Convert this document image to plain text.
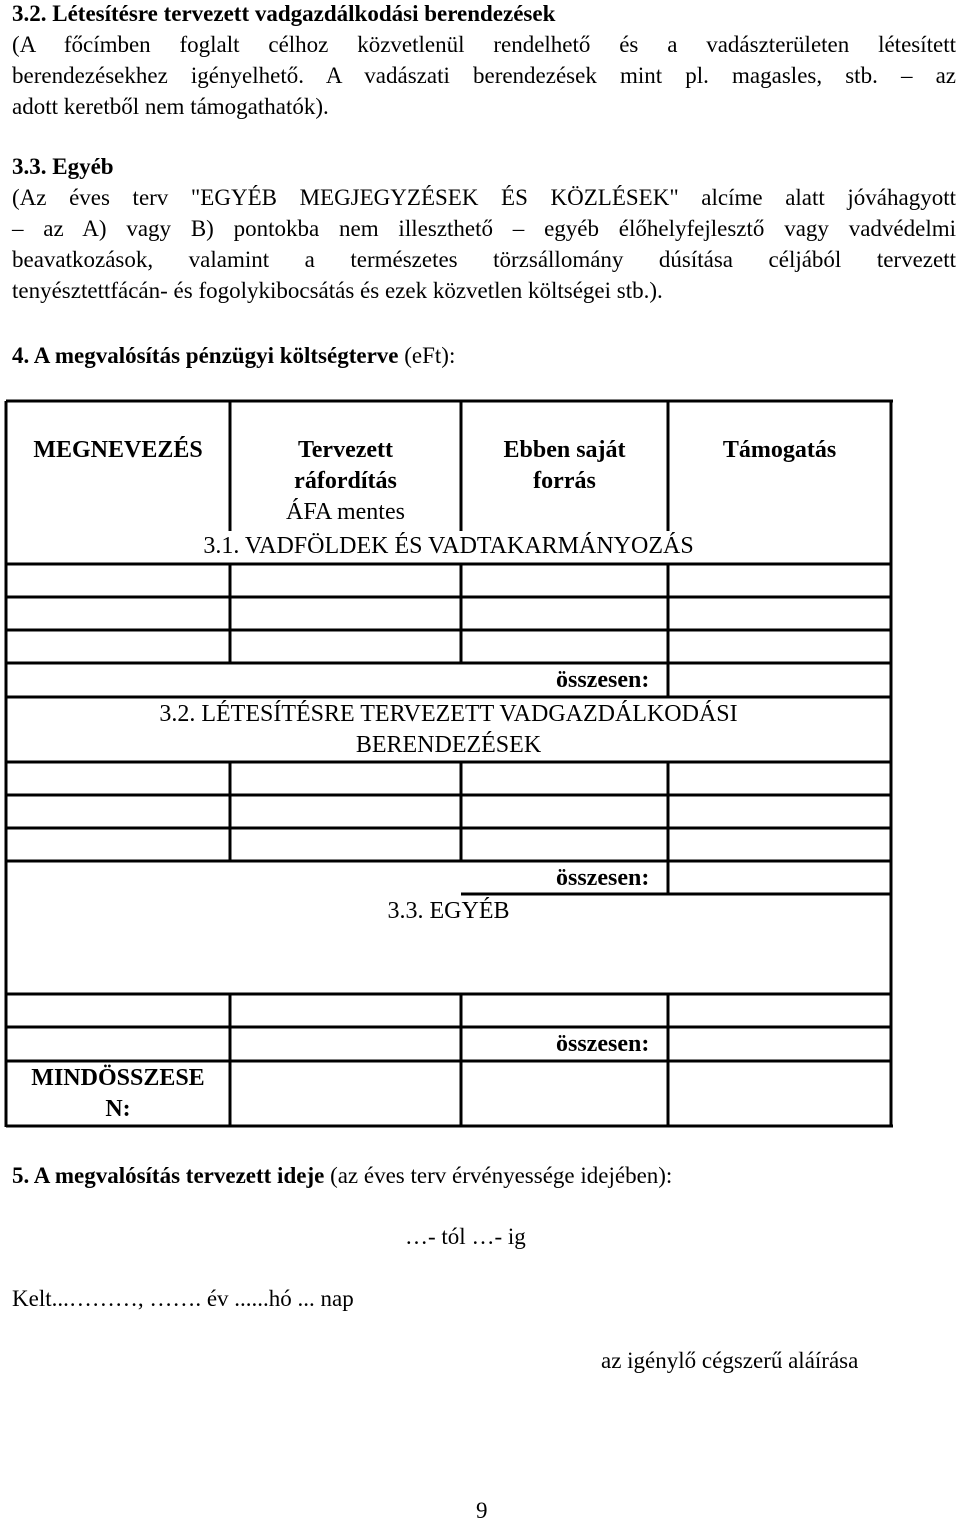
3.2. Létesítésre tervezett vadgazdálkodási berendezések
(A főcímben foglalt célhoz közvetlenül rendelhető és a vadászterületen létesített
berendezésekhez igényelhető. A vadászati berendezések mint pl. magasles, stb. – az
adott keretből nem támogathatók).
3.3. Egyéb
(Az éves terv "EGYÉB MEGJEGYZÉSEK ÉS KÖZLÉSEK" alcíme alatt jóváhagyott
– az A) vagy B) pontokba nem illeszthető – egyéb élőhelyfejlesztő vagy vadvédelmi
beavatkozások, valamint a természetes törzsállomány dúsítása céljából tervezett
tenyésztettfácán- és fogolykibocsátás és ezek közvetlen költségei stb.).
4. A megvalósítás pénzügyi költségterve (eFt):
MEGNEVEZÉS	Tervezett
ráfordítás
ÁFA mentes
Ebben saját
forrás
Támogatás
3.1. VADFÖLDEK ÉS VADTAKARMÁNYOZÁS
összesen:
3.2. LÉTESÍTÉSRE TERVEZETT VADGAZDÁLKODÁSI
BERENDEZÉSEK
összesen:
3.3. EGYÉB
összesen:
MINDÖSSZESE
N:
5. A megvalósítás tervezett ideje (az éves terv érvényessége idejében):
…- tól …- ig
Kelt...………, ……. év ......hó ... nap
az igénylő cégszerű aláírása
9
